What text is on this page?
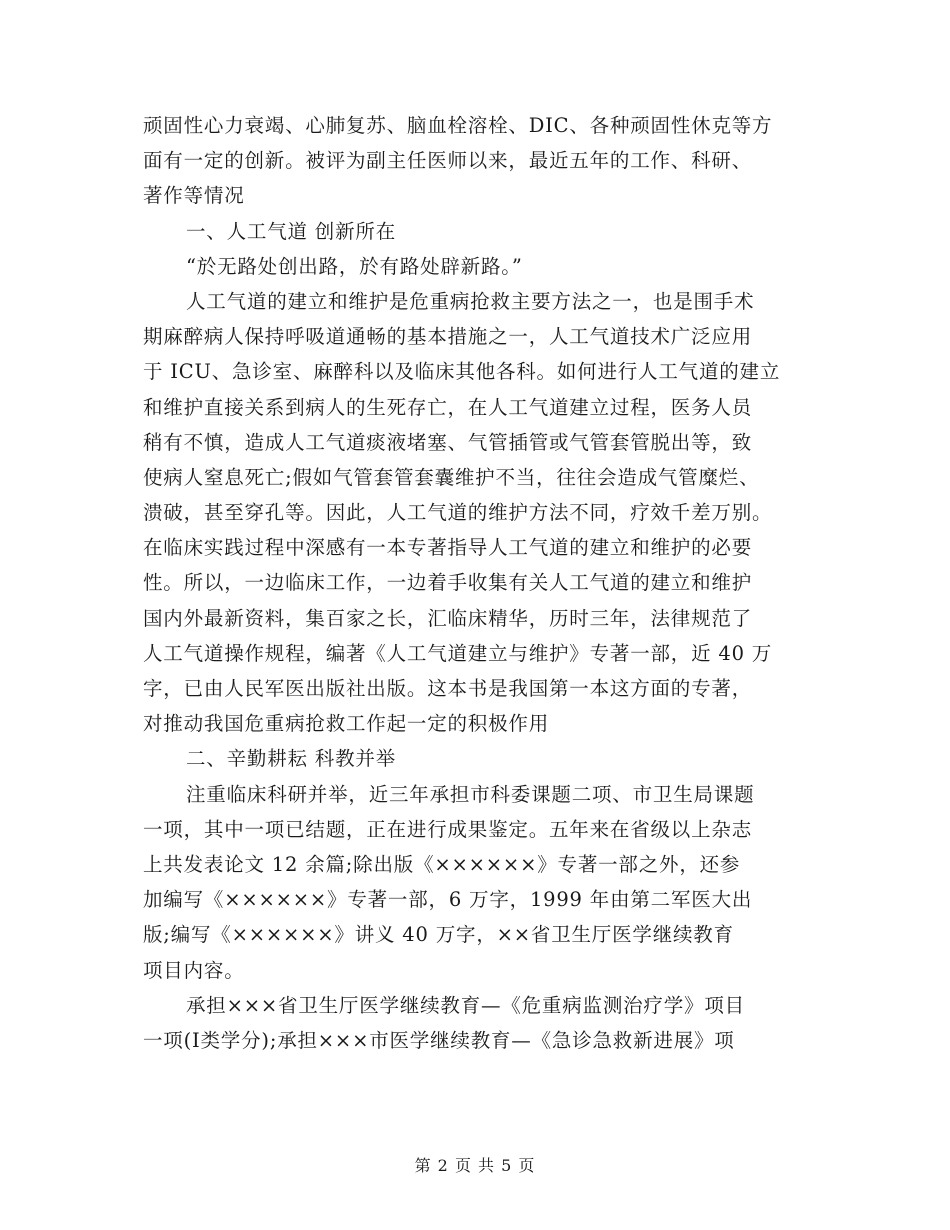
顽固性心力衰竭、心肺复苏、脑血栓溶栓、DIC、各种顽固性休克等方
面有一定的创新。被评为副主任医师以来，最近五年的工作、科研、
著作等情况
一、人工气道 创新所在
“於无路处创出路，於有路处辟新路。”
人工气道的建立和维护是危重病抢救主要方法之一，也是围手术
期麻醉病人保持呼吸道通畅的基本措施之一，人工气道技术广泛应用
于 ICU、急诊室、麻醉科以及临床其他各科。如何进行人工气道的建立
和维护直接关系到病人的生死存亡，在人工气道建立过程，医务人员
稍有不慎，造成人工气道痰液堵塞、气管插管或气管套管脱出等，致
使病人窒息死亡;假如气管套管套囊维护不当，往往会造成气管糜烂、
溃破，甚至穿孔等。因此，人工气道的维护方法不同，疗效千差万别。
在临床实践过程中深感有一本专著指导人工气道的建立和维护的必要
性。所以，一边临床工作，一边着手收集有关人工气道的建立和维护
国内外最新资料，集百家之长，汇临床精华，历时三年，法律规范了
人工气道操作规程，编著《人工气道建立与维护》专著一部，近 40 万
字，已由人民军医出版社出版。这本书是我国第一本这方面的专著，
对推动我国危重病抢救工作起一定的积极作用
二、辛勤耕耘 科教并举
注重临床科研并举，近三年承担市科委课题二项、市卫生局课题
一项，其中一项已结题，正在进行成果鉴定。五年来在省级以上杂志
上共发表论文 12 余篇;除出版《××××××》专著一部之外，还参
加编写《××××××》专著一部，6 万字，1999 年由第二军医大出
版;编写《××××××》讲义 40 万字，××省卫生厅医学继续教育
项目内容。
承担×××省卫生厅医学继续教育—《危重病监测治疗学》项目
一项(Ⅰ类学分);承担×××市医学继续教育—《急诊急救新进展》项
第 2 页 共 5 页
